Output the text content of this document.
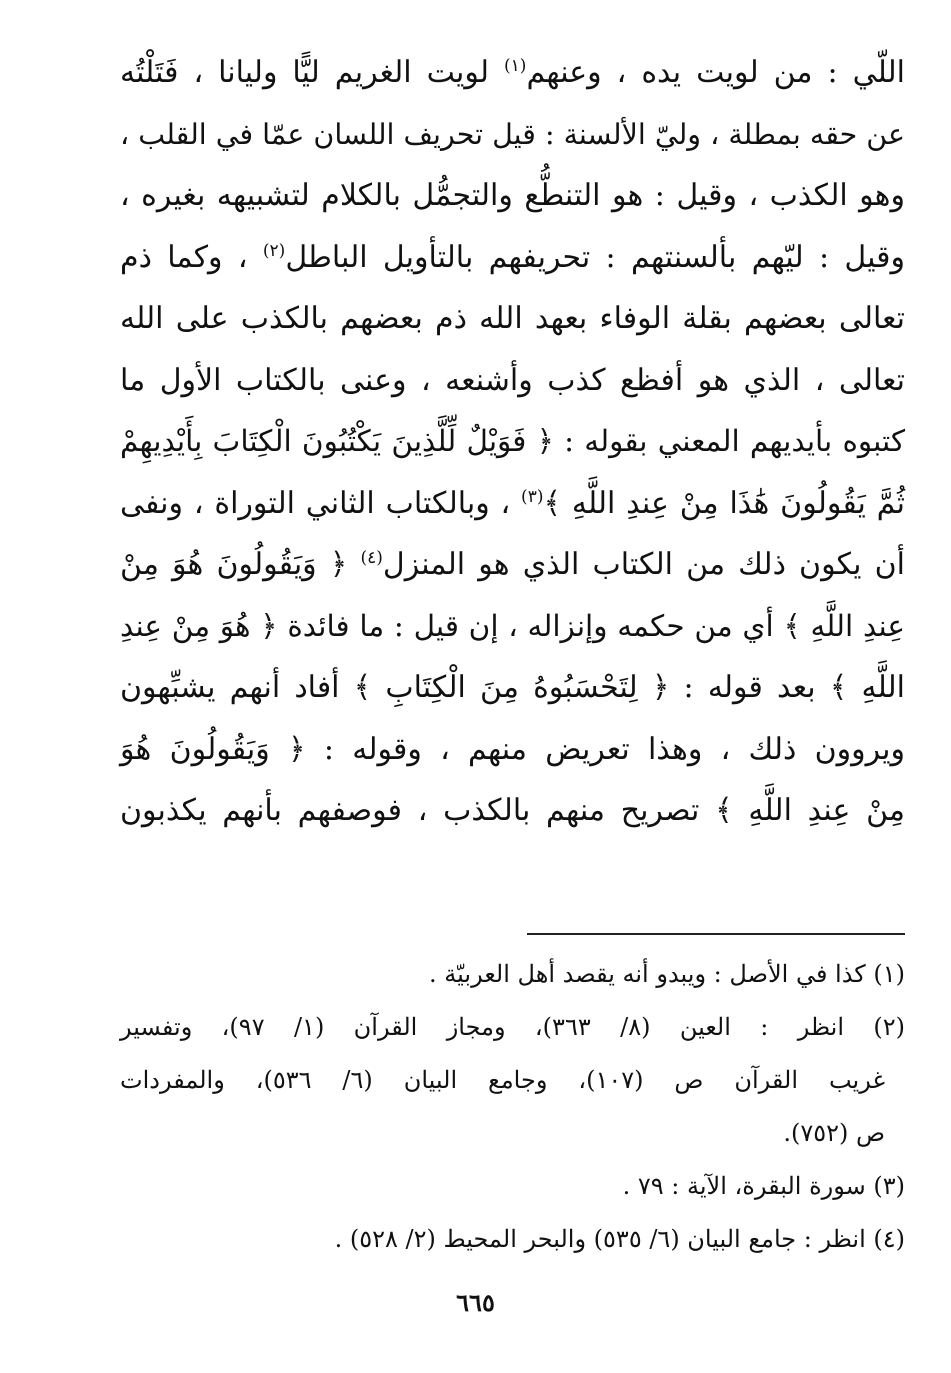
اللّي : من لويت يده ، وعنهم$^{(١)}$ لويت الغريم ليًّا وليانا ، فَتَلْتُه
عن حقه بمطلة ، وليّ الألسنة : قيل تحريف اللسان عمّا في القلب ،
وهو الكذب ، وقيل : هو التنطُّع والتجمُّل بالكلام لتشبيهه بغيره ،
وقيل : ليّهم بألسنتهم : تحريفهم بالتأويل الباطل$^{(٢)}$ ، وكما ذم
تعالى بعضهم بقلة الوفاء بعهد الله ذم بعضهم بالكذب على الله
تعالى ، الذي هو أفظع كذب وأشنعه ، وعنى بالكتاب الأول ما
كتبوه بأيديهم المعني بقوله : ﴿ فَوَيْلٌ لِّلَّذِينَ يَكْتُبُونَ الْكِتَابَ بِأَيْدِيهِمْ
ثُمَّ يَقُولُونَ هَٰذَا مِنْ عِندِ اللَّهِ ﴾$^{(٣)}$ ، وبالكتاب الثاني التوراة ، ونفى
أن يكون ذلك من الكتاب الذي هو المنزل$^{(٤)}$ ﴿ وَيَقُولُونَ هُوَ مِنْ
عِندِ اللَّهِ ﴾ أي من حكمه وإنزاله ، إن قيل : ما فائدة ﴿ هُوَ مِنْ عِندِ
اللَّهِ ﴾ بعد قوله : ﴿ لِتَحْسَبُوهُ مِنَ الْكِتَابِ ﴾ أفاد أنهم يشبِّهون
ويروون ذلك ، وهذا تعريض منهم ، وقوله : ﴿ وَيَقُولُونَ هُوَ
مِنْ عِندِ اللَّهِ ﴾ تصريح منهم بالكذب ، فوصفهم بأنهم يكذبون
(١) كذا في الأصل : ويبدو أنه يقصد أهل العربيّة .
(٢) انظر : العين (٨/ ٣٦٣)، ومجاز القرآن (١/ ٩٧)، وتفسير
غريب القرآن ص (١٠٧)، وجامع البيان (٦/ ٥٣٦)، والمفردات
ص (٧٥٢).
(٣) سورة البقرة، الآية : ٧٩ .
(٤) انظر : جامع البيان (٦/ ٥٣٥) والبحر المحيط (٢/ ٥٢٨) .
٦٦٥
